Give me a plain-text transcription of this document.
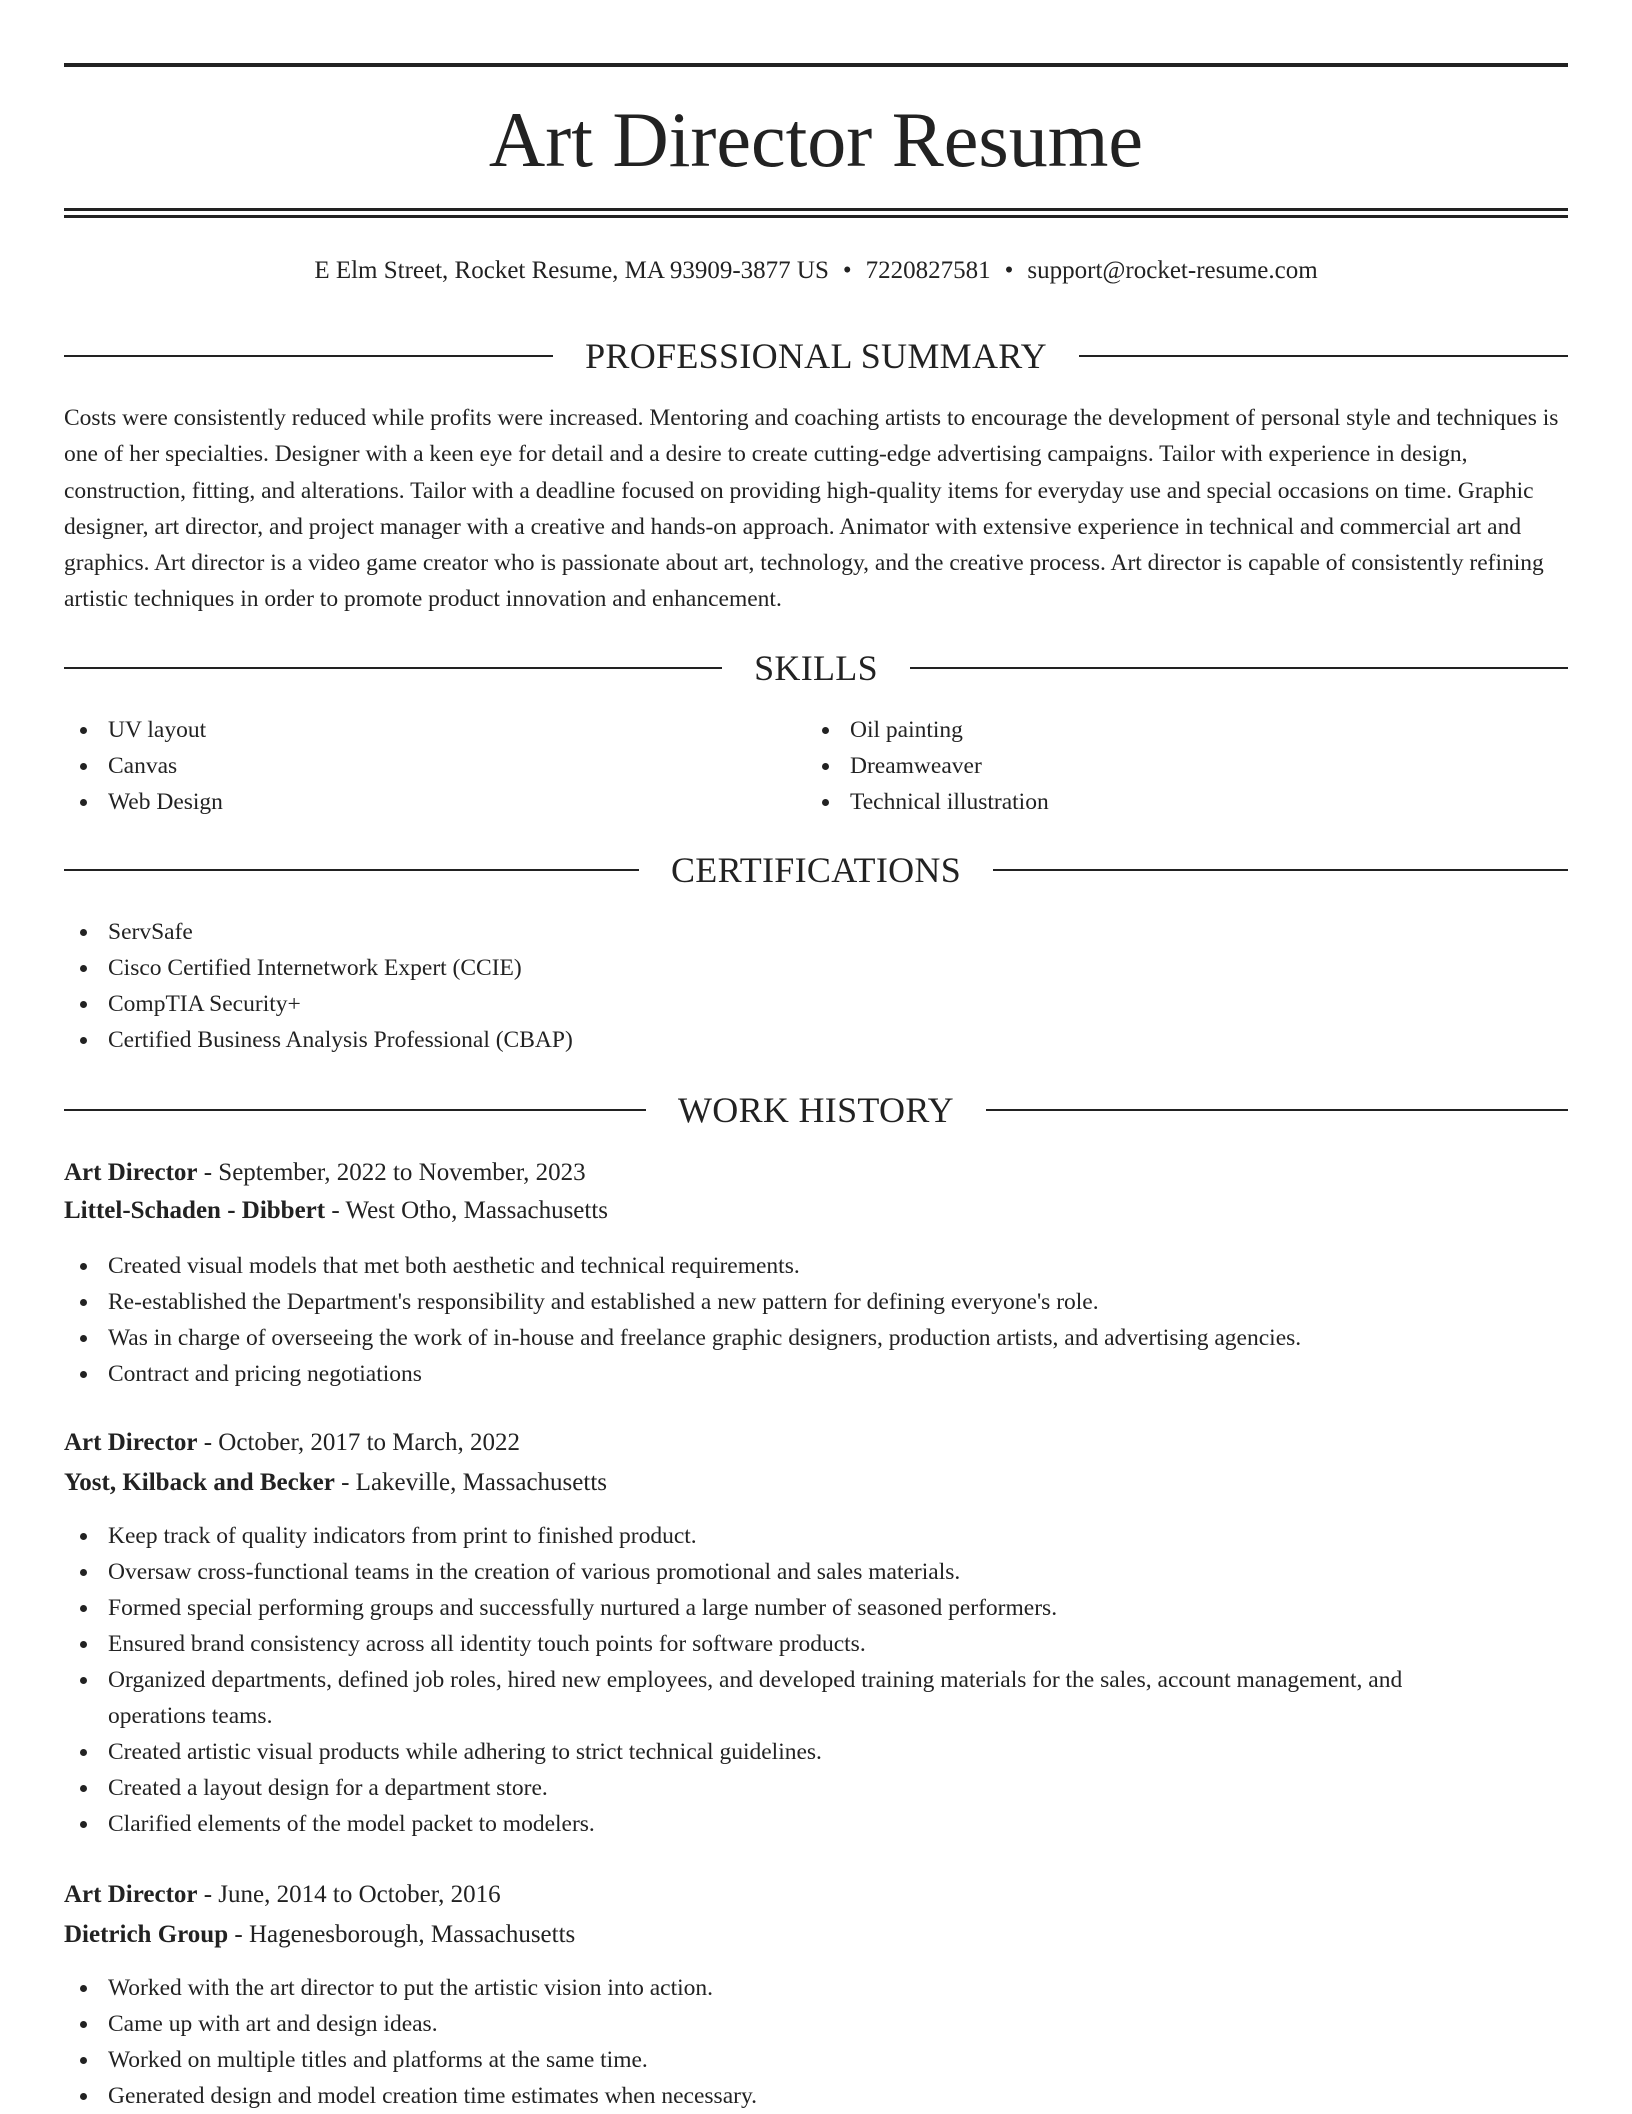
Art Director Resume
E Elm Street, Rocket Resume, MA 93909-3877 US • 7220827581 • support@rocket-resume.com
PROFESSIONAL SUMMARY

Costs were consistently reduced while profits were increased. Mentoring and coaching artists to encourage the development of personal style and techniques is one of her specialties. Designer with a keen eye for detail and a desire to create cutting-edge advertising campaigns. Tailor with experience in design, construction, fitting, and alterations. Tailor with a deadline focused on providing high-quality items for everyday use and special occasions on time. Graphic designer, art director, and project manager with a creative and hands-on approach. Animator with extensive experience in technical and commercial art and graphics. Art director is a video game creator who is passionate about art, technology, and the creative process. Art director is capable of consistently refining artistic techniques in order to promote product innovation and enhancement.

SKILLS
UV layout
Canvas
Web Design
Oil painting
Dreamweaver
Technical illustration
CERTIFICATIONS
ServSafe
Cisco Certified Internetwork Expert (CCIE)
CompTIA Security+
Certified Business Analysis Professional (CBAP)
WORK HISTORY
Art Director - September, 2022 to November, 2023
Littel-Schaden - Dibbert - West Otho, Massachusetts
Created visual models that met both aesthetic and technical requirements.
Re-established the Department's responsibility and established a new pattern for defining everyone's role.
Was in charge of overseeing the work of in-house and freelance graphic designers, production artists, and advertising agencies.
Contract and pricing negotiations
Art Director - October, 2017 to March, 2022
Yost, Kilback and Becker - Lakeville, Massachusetts
Keep track of quality indicators from print to finished product.
Oversaw cross-functional teams in the creation of various promotional and sales materials.
Formed special performing groups and successfully nurtured a large number of seasoned performers.
Ensured brand consistency across all identity touch points for software products.
Organized departments, defined job roles, hired new employees, and developed training materials for the sales, account management, and operations teams.
Created artistic visual products while adhering to strict technical guidelines.
Created a layout design for a department store.
Clarified elements of the model packet to modelers.
Art Director - June, 2014 to October, 2016
Dietrich Group - Hagenesborough, Massachusetts
Worked with the art director to put the artistic vision into action.
Came up with art and design ideas.
Worked on multiple titles and platforms at the same time.
Generated design and model creation time estimates when necessary.
